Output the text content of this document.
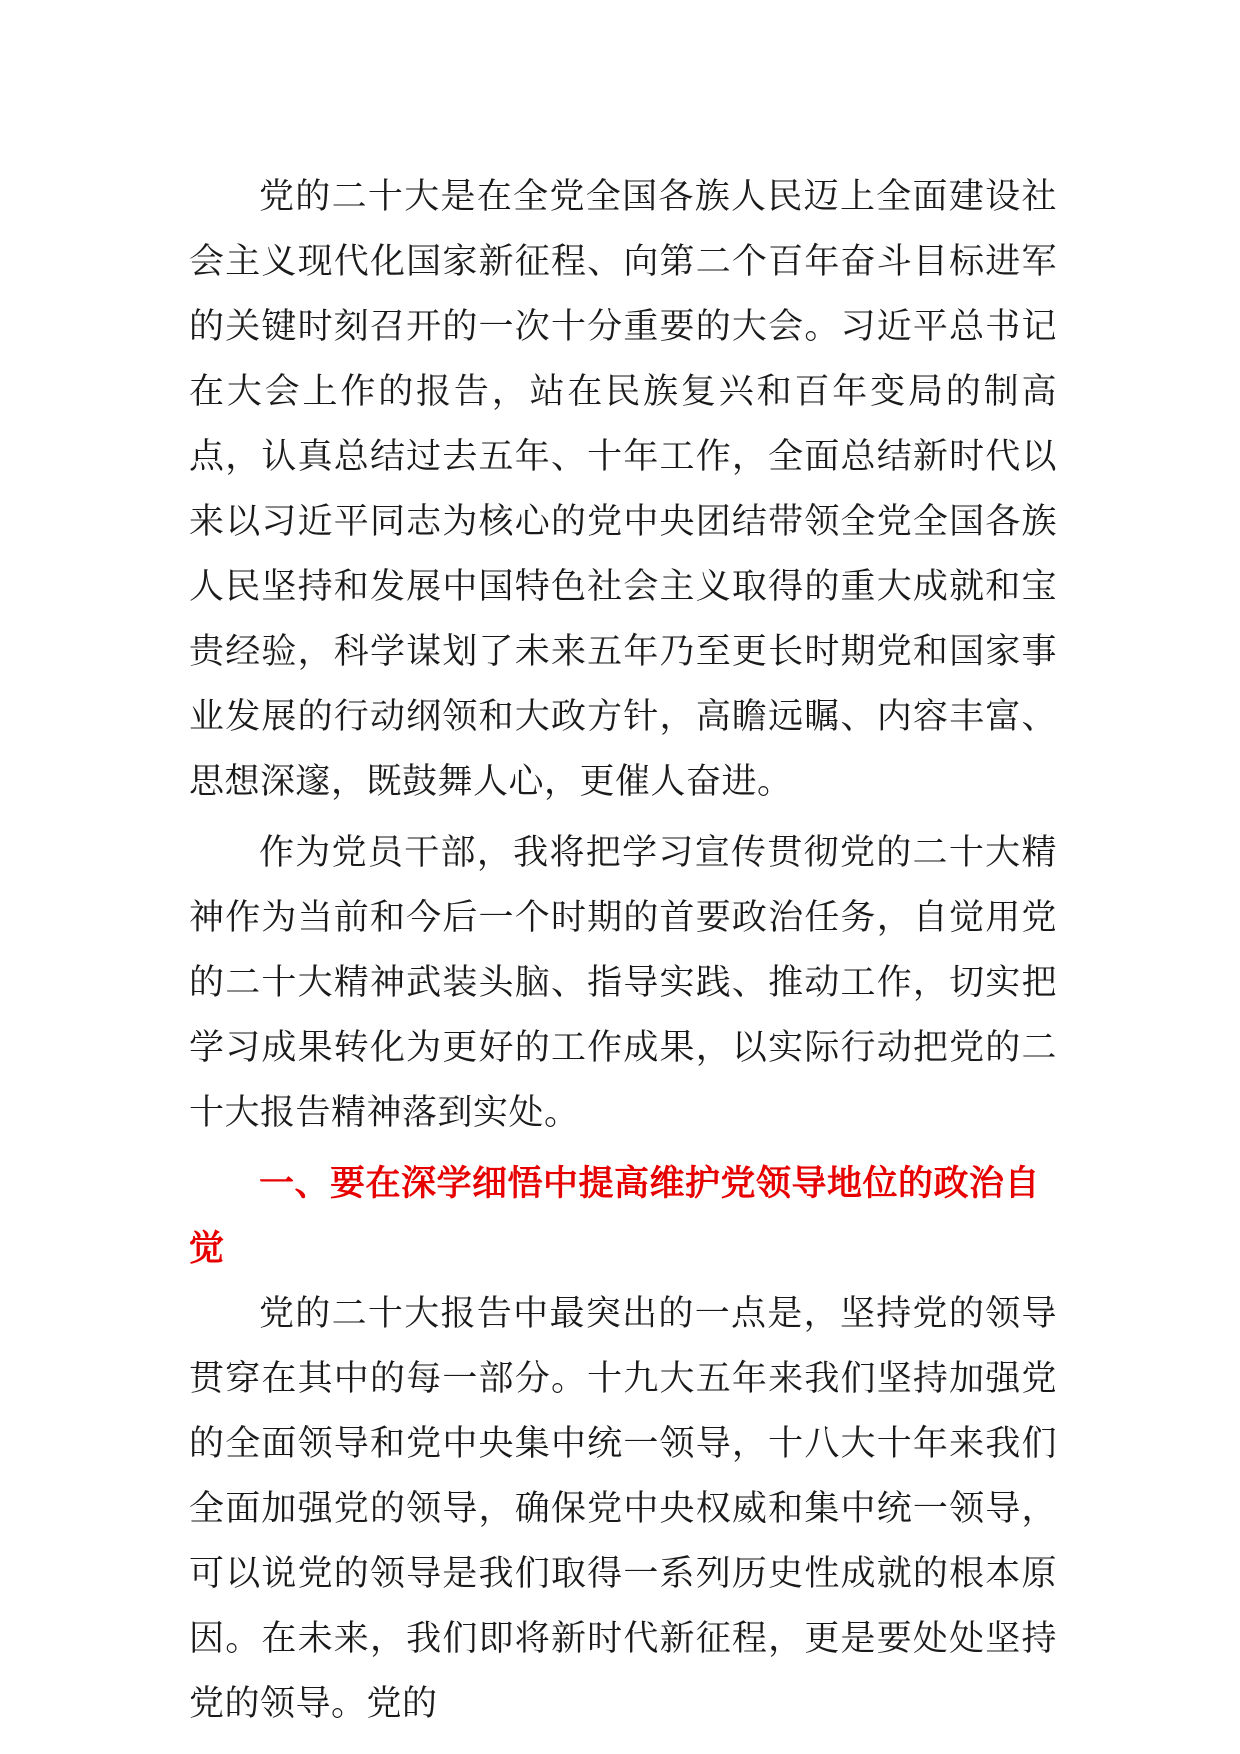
党的二十大是在全党全国各族人民迈上全面建设社会主义现代化国家新征程、向第二个百年奋斗目标进军的关键时刻召开的一次十分重要的大会。习近平总书记在大会上作的报告，站在民族复兴和百年变局的制高点，认真总结过去五年、十年工作，全面总结新时代以来以习近平同志为核心的党中央团结带领全党全国各族人民坚持和发展中国特色社会主义取得的重大成就和宝贵经验，科学谋划了未来五年乃至更长时期党和国家事业发展的行动纲领和大政方针，高瞻远瞩、内容丰富、思想深邃，既鼓舞人心，更催人奋进。

作为党员干部，我将把学习宣传贯彻党的二十大精神作为当前和今后一个时期的首要政治任务，自觉用党的二十大精神武装头脑、指导实践、推动工作，切实把学习成果转化为更好的工作成果，以实际行动把党的二十大报告精神落到实处。

一、要在深学细悟中提高维护党领导地位的政治自觉

党的二十大报告中最突出的一点是，坚持党的领导贯穿在其中的每一部分。十九大五年来我们坚持加强党的全面领导和党中央集中统一领导，十八大十年来我们全面加强党的领导，确保党中央权威和集中统一领导，可以说党的领导是我们取得一系列历史性成就的根本原因。在未来，我们即将新时代新征程，更是要处处坚持党的领导。党的
